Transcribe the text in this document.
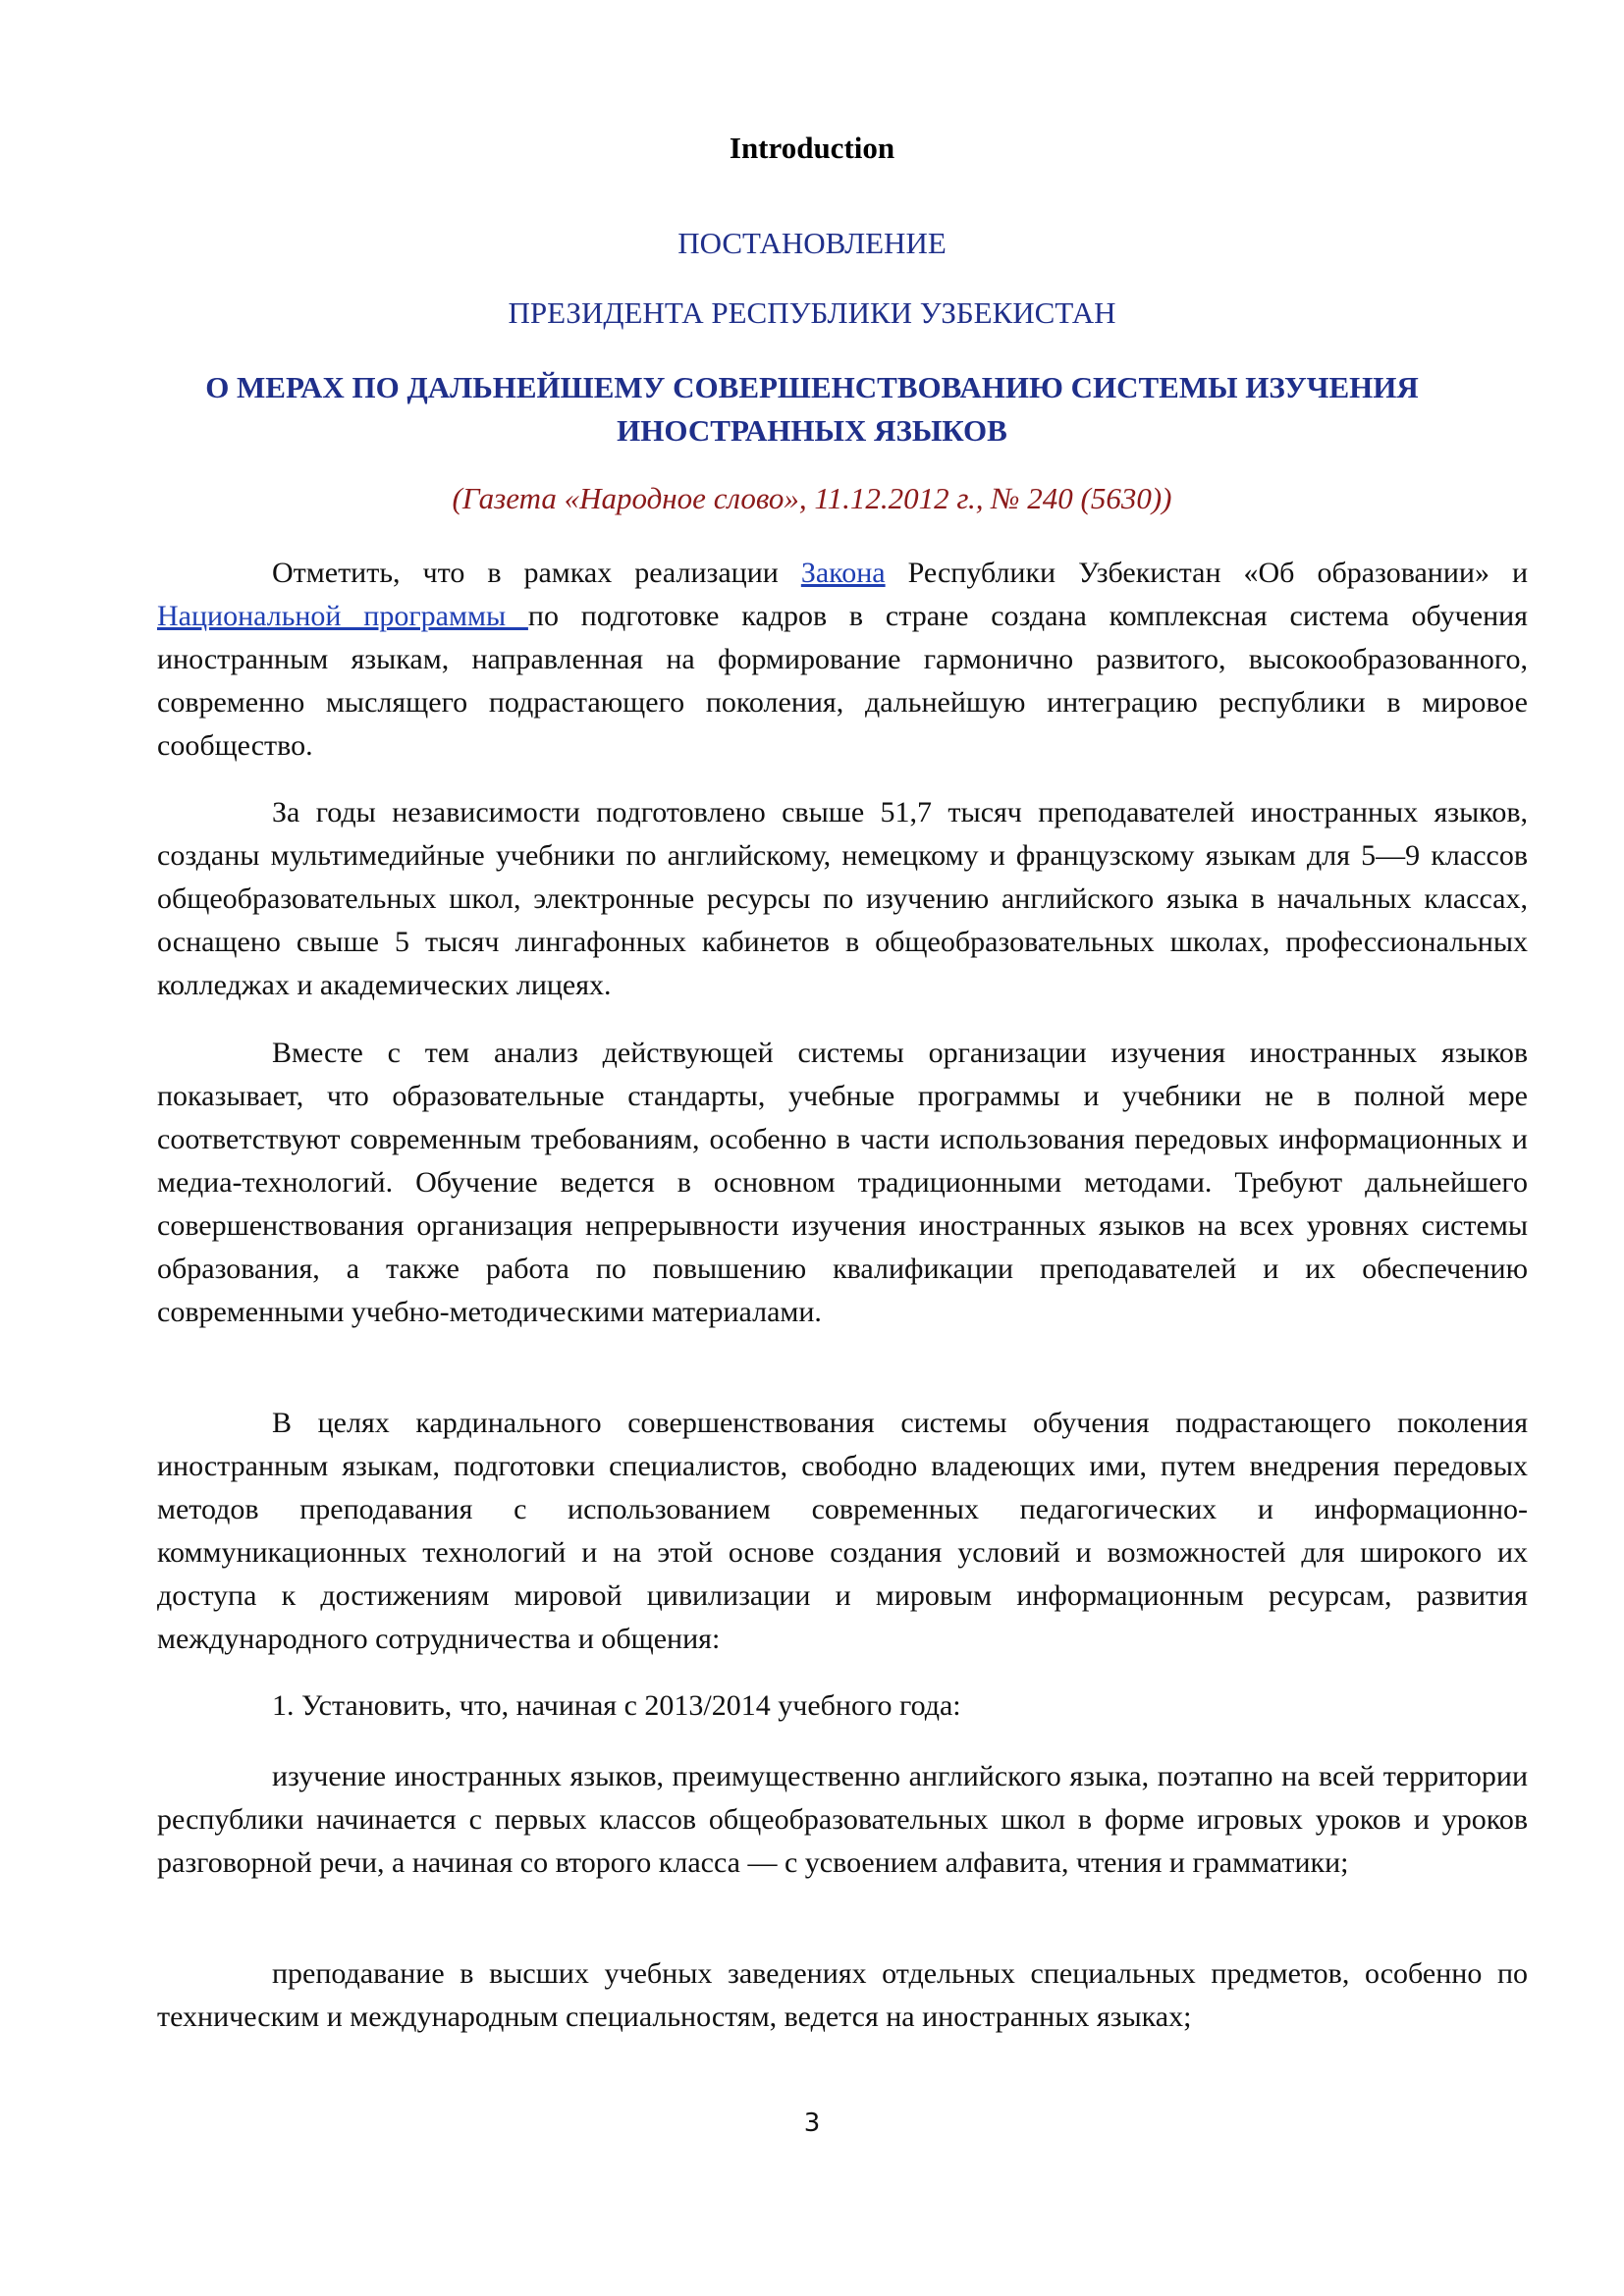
Introduction
ПОСТАНОВЛЕНИЕ
ПРЕЗИДЕНТА РЕСПУБЛИКИ УЗБЕКИСТАН
О МЕРАХ ПО ДАЛЬНЕЙШЕМУ СОВЕРШЕНСТВОВАНИЮ СИСТЕМЫ ИЗУЧЕНИЯ ИНОСТРАННЫХ ЯЗЫКОВ
(Газета «Народное слово», 11.12.2012 г., № 240 (5630))

Отметить, что в рамках реализации Закона Республики Узбекистан «Об образовании» и Национальной программы по подготовке кадров в стране создана комплексная система обучения иностранным языкам, направленная на формирование гармонично развитого, высокообразованного, современно мыслящего подрастающего поколения, дальнейшую интеграцию республики в мировое сообщество.

За годы независимости подготовлено свыше 51,7 тысяч преподавателей иностранных языков, созданы мультимедийные учебники по английскому, немецкому и французскому языкам для 5—9 классов общеобразовательных школ, электронные ресурсы по изучению английского языка в начальных классах, оснащено свыше 5 тысяч лингафонных кабинетов в общеобразовательных школах, профессиональных колледжах и академических лицеях.

Вместе с тем анализ действующей системы организации изучения иностранных языков показывает, что образовательные стандарты, учебные программы и учебники не в полной мере соответствуют современным требованиям, особенно в части использования передовых информационных и медиа-технологий. Обучение ведется в основном традиционными методами. Требуют дальнейшего совершенствования организация непрерывности изучения иностранных языков на всех уровнях системы образования, а также работа по повышению квалификации преподавателей и их обеспечению современными учебно-методическими материалами.

В целях кардинального совершенствования системы обучения подрастающего поколения иностранным языкам, подготовки специалистов, свободно владеющих ими, путем внедрения передовых методов преподавания с использованием современных педагогических и информационно-коммуникационных технологий и на этой основе создания условий и возможностей для широкого их доступа к достижениям мировой цивилизации и мировым информационным ресурсам, развития международного сотрудничества и общения:

1. Установить, что, начиная с 2013/2014 учебного года:

изучение иностранных языков, преимущественно английского языка, поэтапно на всей территории республики начинается с первых классов общеобразовательных школ в форме игровых уроков и уроков разговорной речи, а начиная со второго класса — с усвоением алфавита, чтения и грамматики;

преподавание в высших учебных заведениях отдельных специальных предметов, особенно по техническим и международным специальностям, ведется на иностранных языках;

3
